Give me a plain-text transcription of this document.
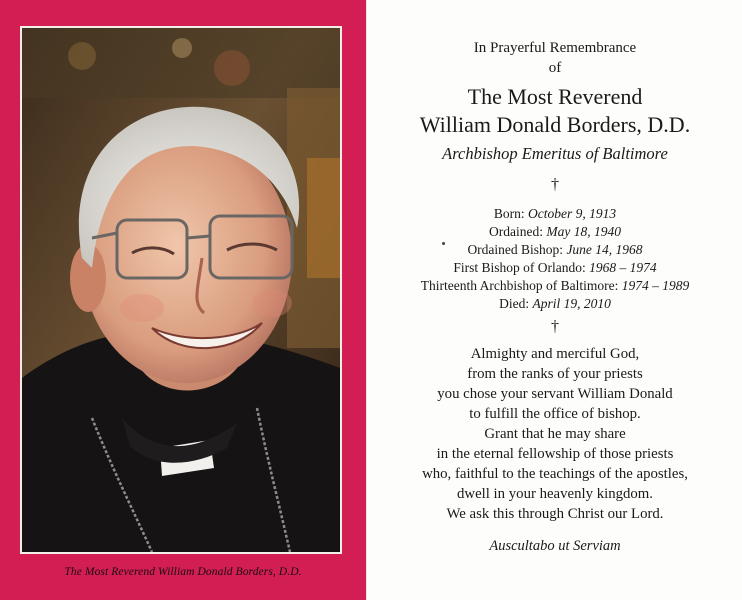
The Most Reverend William Donald Borders, D.D.
In Prayerful Remembrance
of
The Most Reverend
William Donald Borders, D.D.
Archbishop Emeritus of Baltimore
†
Born: October 9, 1913
Ordained: May 18, 1940
Ordained Bishop: June 14, 1968
First Bishop of Orlando: 1968 – 1974
Thirteenth Archbishop of Baltimore: 1974 – 1989
Died: April 19, 2010
†
Almighty and merciful God,
from the ranks of your priests
you chose your servant William Donald
to fulfill the office of bishop.
Grant that he may share
in the eternal fellowship of those priests
who, faithful to the teachings of the apostles,
dwell in your heavenly kingdom.
We ask this through Christ our Lord.
Auscultabo ut Serviam
